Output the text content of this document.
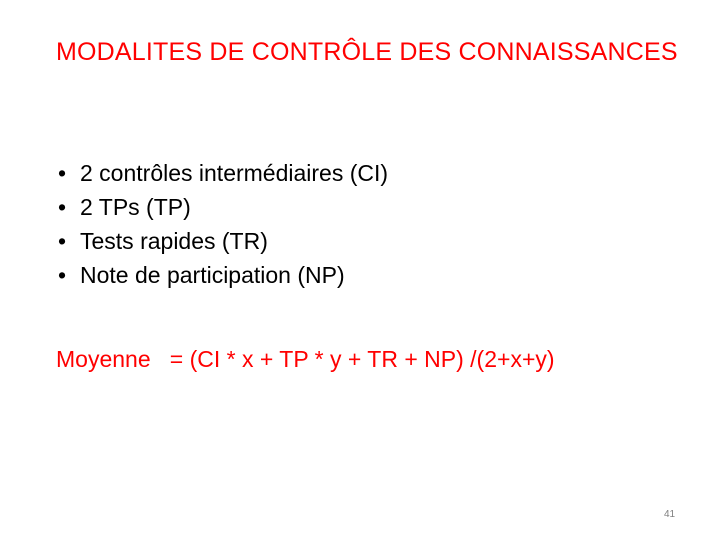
MODALITES DE CONTRÔLE DES CONNAISSANCES
• 2 contrôles intermédiaires (CI)
• 2 TPs (TP)
• Tests rapides (TR)
• Note de participation (NP)
Moyenne   = (CI * x + TP * y + TR + NP) /(2+x+y)
41
